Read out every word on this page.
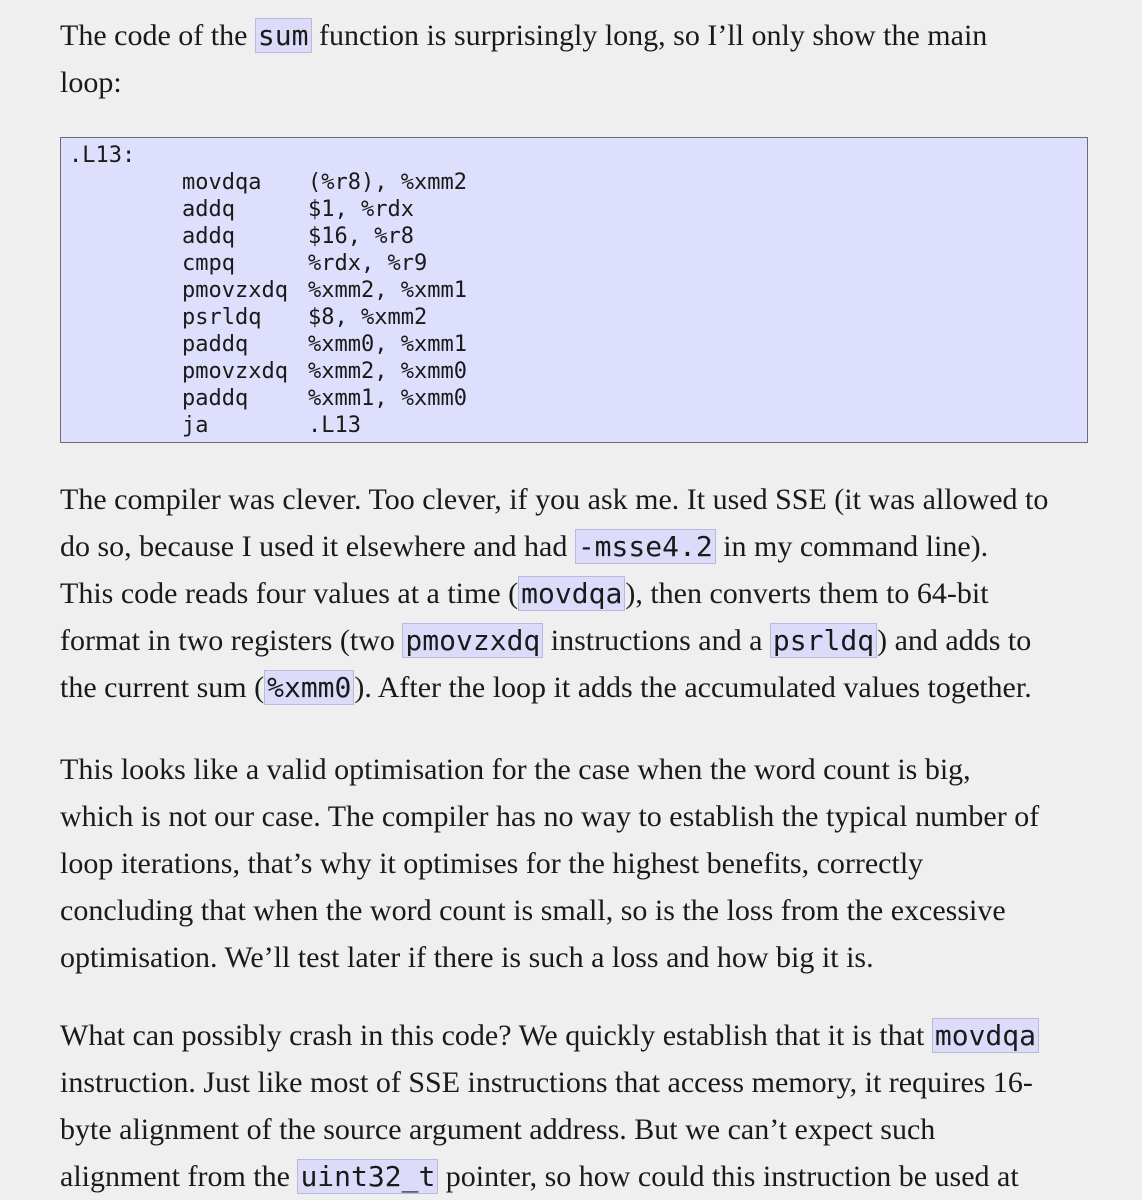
The code of the sum function is surprisingly long, so I’ll only show the main
loop:

.L13:
movdqa (%r8), %xmm2
addq	$1, %rdx
addq	$16, %r8
cmpq	%rdx, %r9
pmovzxdq %xmm2, %xmm1
psrldq $8, %xmm2
paddq	%xmm0, %xmm1
pmovzxdq %xmm2, %xmm0
paddq	%xmm1, %xmm0
ja	.L13

The compiler was clever. Too clever, if you ask me. It used SSE (it was allowed to
do so, because I used it elsewhere and had -msse4.2 in my command line).
This code reads four values at a time ( movdqa ), then converts them to 64-bit
format in two registers (two pmovzxdq instructions and a psrldq ) and adds to
the current sum ( %xmm0 ). After the loop it adds the accumulated values together.

This looks like a valid optimisation for the case when the word count is big,
which is not our case. The compiler has no way to establish the typical number of
loop iterations, that’s why it optimises for the highest benefits, correctly
concluding that when the word count is small, so is the loss from the excessive
optimisation. We’ll test later if there is such a loss and how big it is.

What can possibly crash in this code? We quickly establish that it is that movdqa
instruction. Just like most of SSE instructions that access memory, it requires 16-
byte alignment of the source argument address. But we can’t expect such
alignment from the uint32_t pointer, so how could this instruction be used at
